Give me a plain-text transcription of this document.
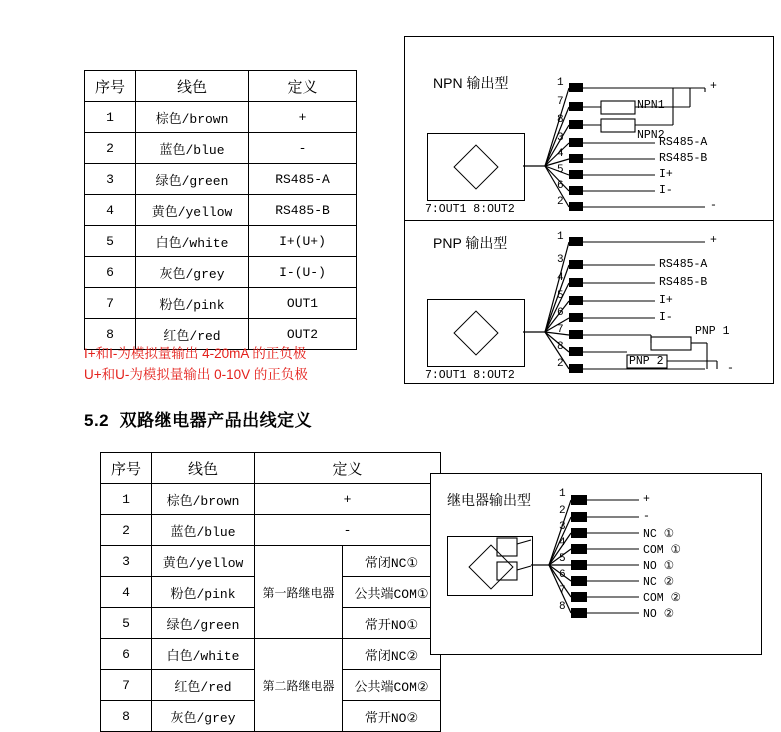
序号	线色	定义
1	棕色/brown	+
2	蓝色/blue	-
3	绿色/green	RS485-A
4	黄色/yellow	RS485-B
5	白色/white	I+(U+)
6	灰色/grey	I-(U-)
7	粉色/pink	OUT1
8	红色/red	OUT2
I+和I-为模拟量输出 4-20mA 的正负极
U+和U-为模拟量输出 0-10V 的正负极
5.2 双路继电器产品出线定义
序号	线色	定义	
1	棕色/brown	+	
2	蓝色/blue	-	
3	黄色/yellow	第一路继电器	常闭NC①
4	粉色/pink		公共端COM①
5	绿色/green		常开NO①
6	白色/white	第二路继电器	常闭NC②
7	红色/red		公共端COM②
8	灰色/grey		常开NO②
NPN 输出型
7:OUT1 8:OUT2
1
7
8
3
4
5
6
2
+
NPN1
NPN2
RS485-A
RS485-B
I+
I-
-
PNP 输出型
7:OUT1 8:OUT2
1
3
4
5
6
7
8
2
+
RS485-A
RS485-B
I+
I-
PNP 1
PNP 2
-
继电器输出型	1
2
3
4
5
6
7
8
+
-
NC ①
COM ①
NO ①
NC ②
COM ②
NO ②
